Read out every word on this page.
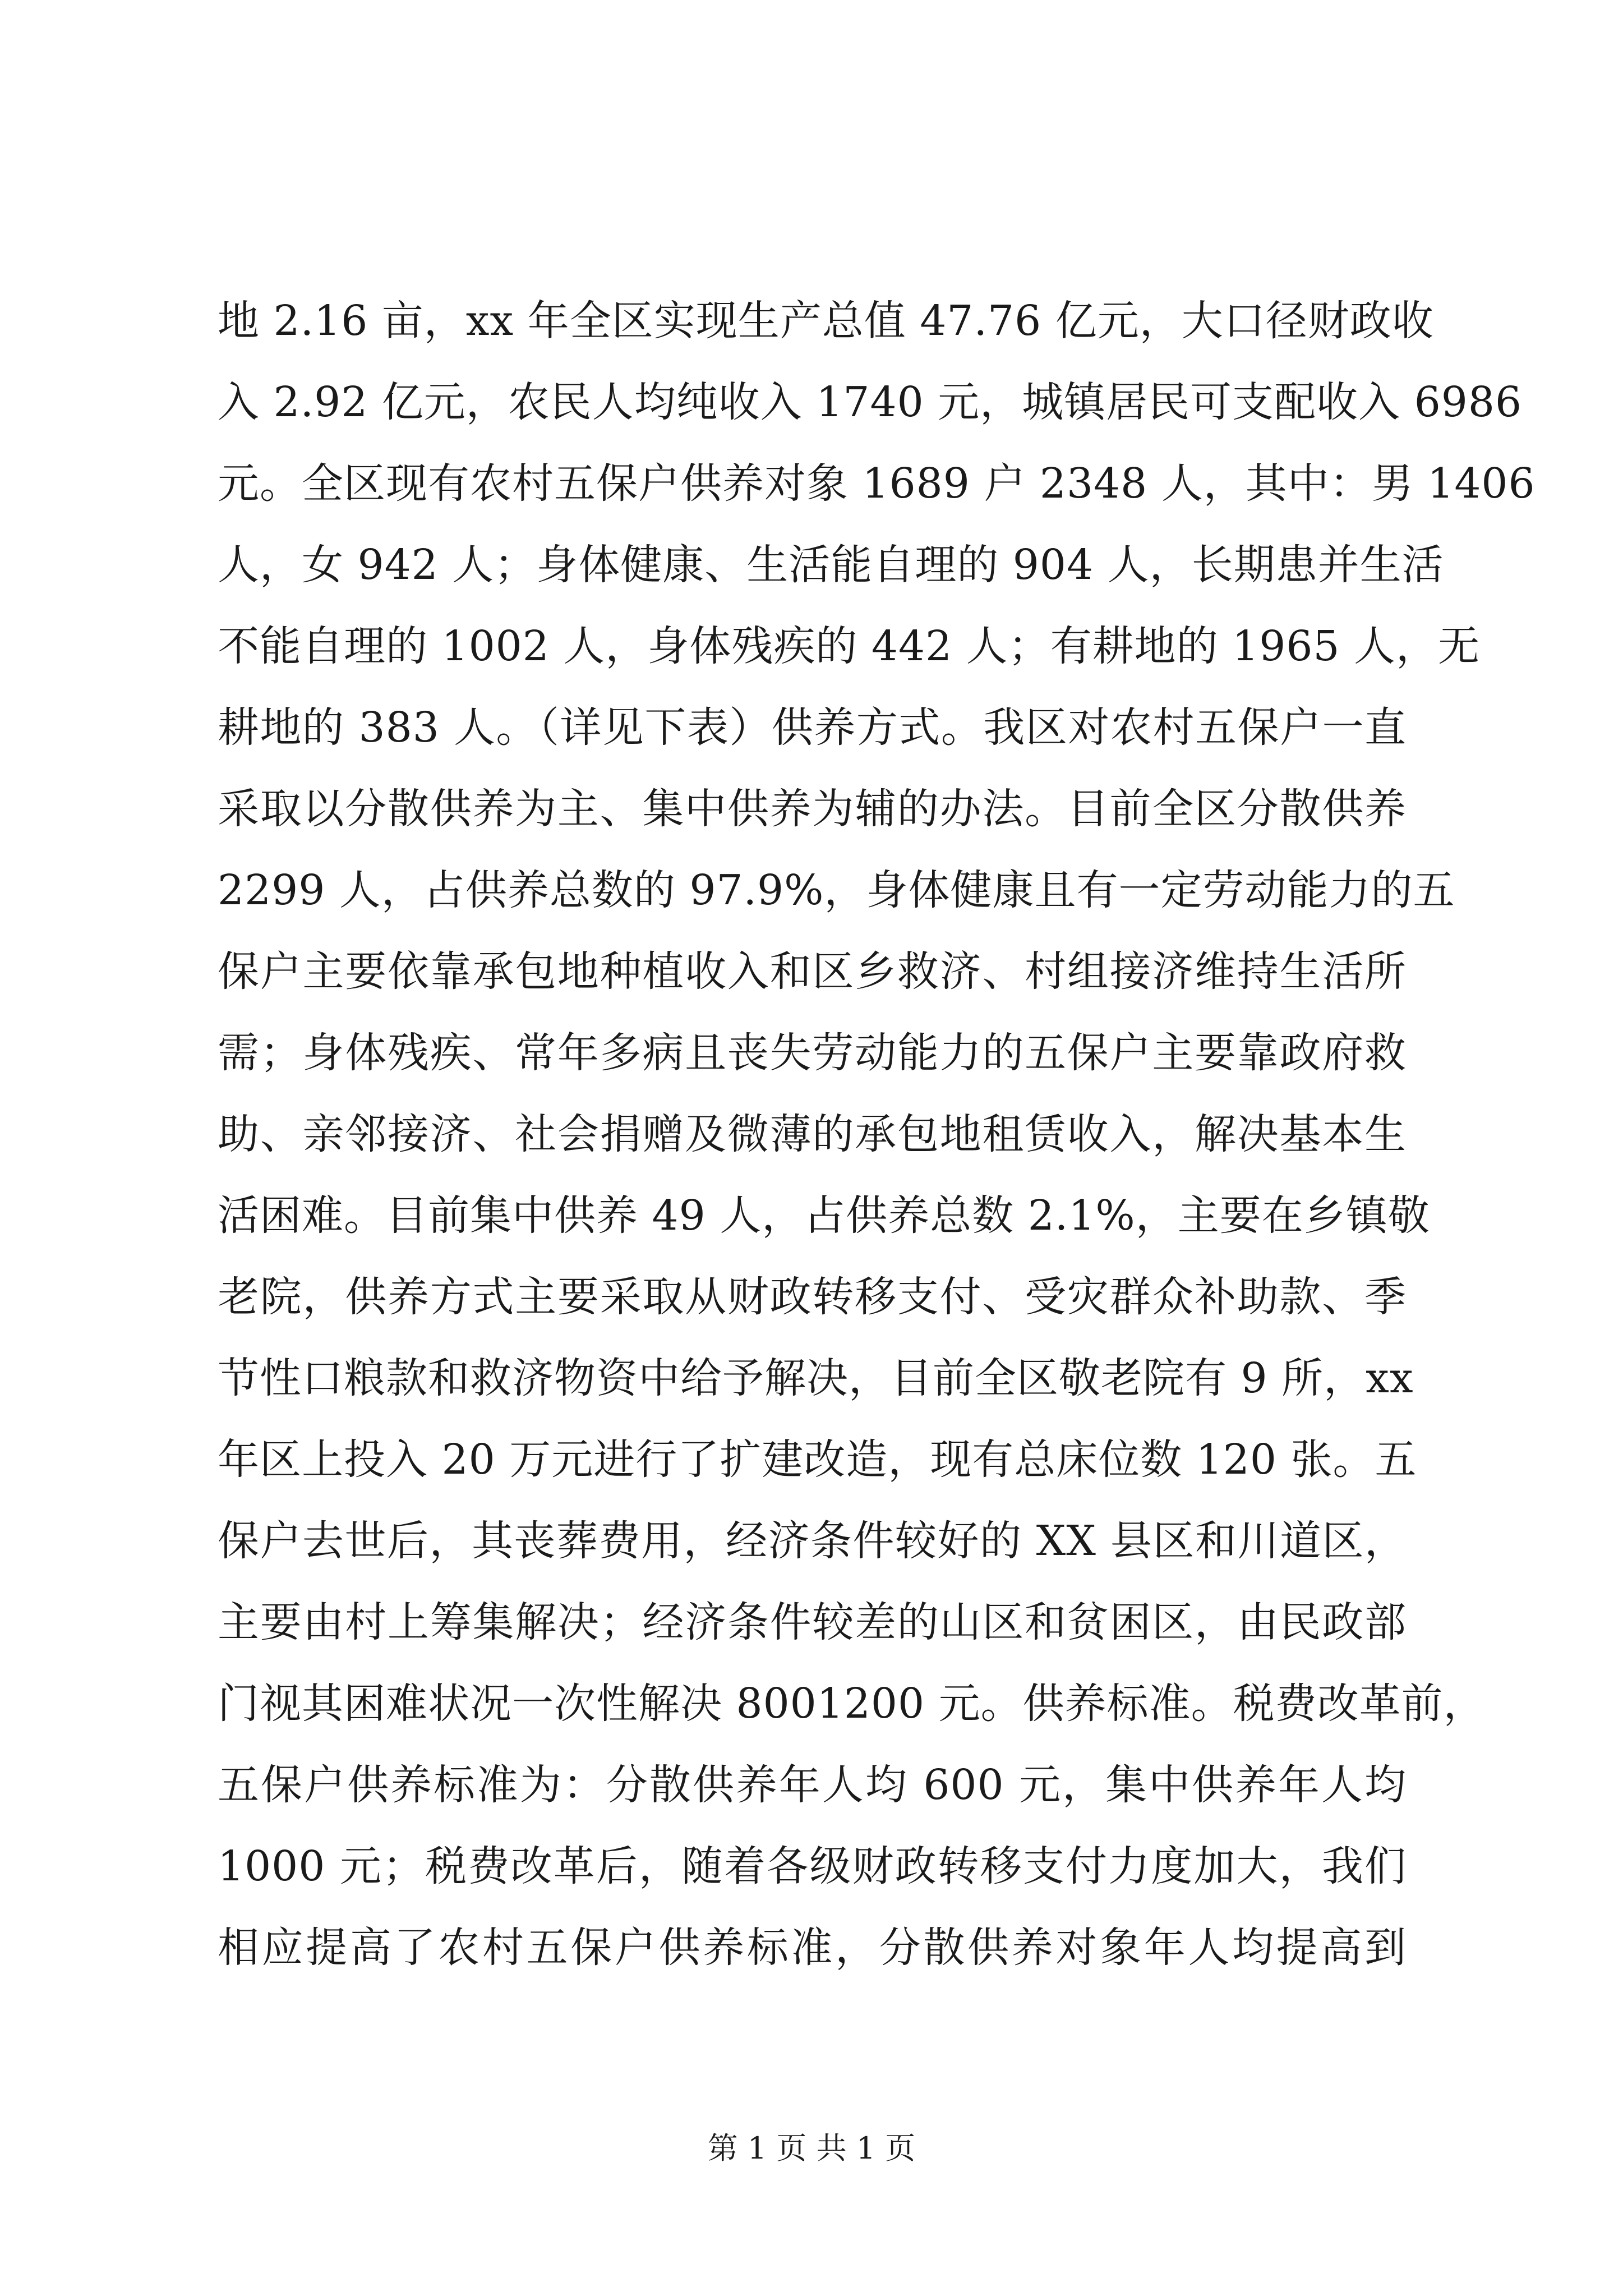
地 2.16 亩，xx 年全区实现生产总值 47.76 亿元，大口径财政收
入 2.92 亿元，农民人均纯收入 1740 元，城镇居民可支配收入 6986
元。全区现有农村五保户供养对象 1689 户 2348 人，其中：男 1406
人，女 942 人；身体健康、生活能自理的 904 人，长期患并生活
不能自理的 1002 人，身体残疾的 442 人；有耕地的 1965 人，无
耕地的 383 人。（详见下表）供养方式。我区对农村五保户一直
采取以分散供养为主、集中供养为辅的办法。目前全区分散供养
2299 人，占供养总数的 97.9%，身体健康且有一定劳动能力的五
保户主要依靠承包地种植收入和区乡救济、村组接济维持生活所
需；身体残疾、常年多病且丧失劳动能力的五保户主要靠政府救
助、亲邻接济、社会捐赠及微薄的承包地租赁收入，解决基本生
活困难。目前集中供养 49 人，占供养总数 2.1%，主要在乡镇敬
老院，供养方式主要采取从财政转移支付、受灾群众补助款、季
节性口粮款和救济物资中给予解决，目前全区敬老院有 9 所，xx
年区上投入 20 万元进行了扩建改造，现有总床位数 120 张。五
保户去世后，其丧葬费用，经济条件较好的 XX 县区和川道区，
主要由村上筹集解决；经济条件较差的山区和贫困区，由民政部
门视其困难状况一次性解决 8001200 元。供养标准。税费改革前，
五保户供养标准为：分散供养年人均 600 元，集中供养年人均
1000 元；税费改革后，随着各级财政转移支付力度加大，我们
相应提高了农村五保户供养标准，分散供养对象年人均提高到
第 1 页 共 1 页
